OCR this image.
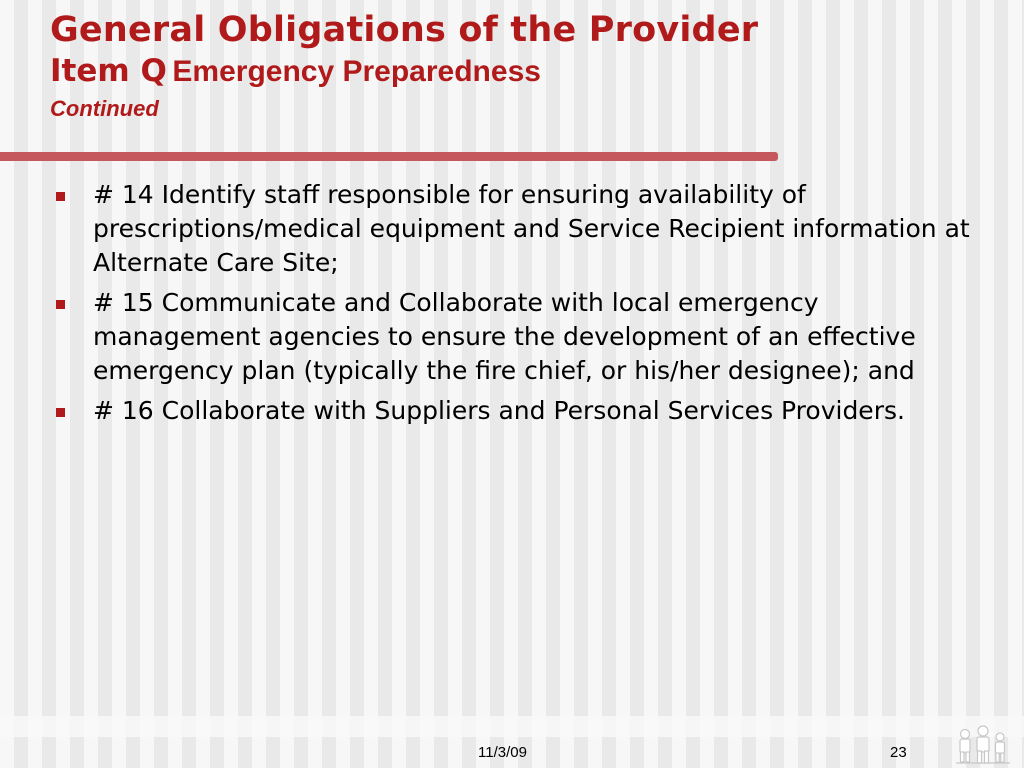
General Obligations of the Provider
Item Q Emergency Preparedness
Continued
# 14 Identify staff responsible for ensuring availability of prescriptions/medical equipment and Service Recipient information at Alternate Care Site;
# 15 Communicate and Collaborate with local emergency management agencies to ensure the development of an effective emergency plan (typically the fire chief, or his/her designee); and
# 16 Collaborate with Suppliers and Personal Services Providers.
11/3/09	23
